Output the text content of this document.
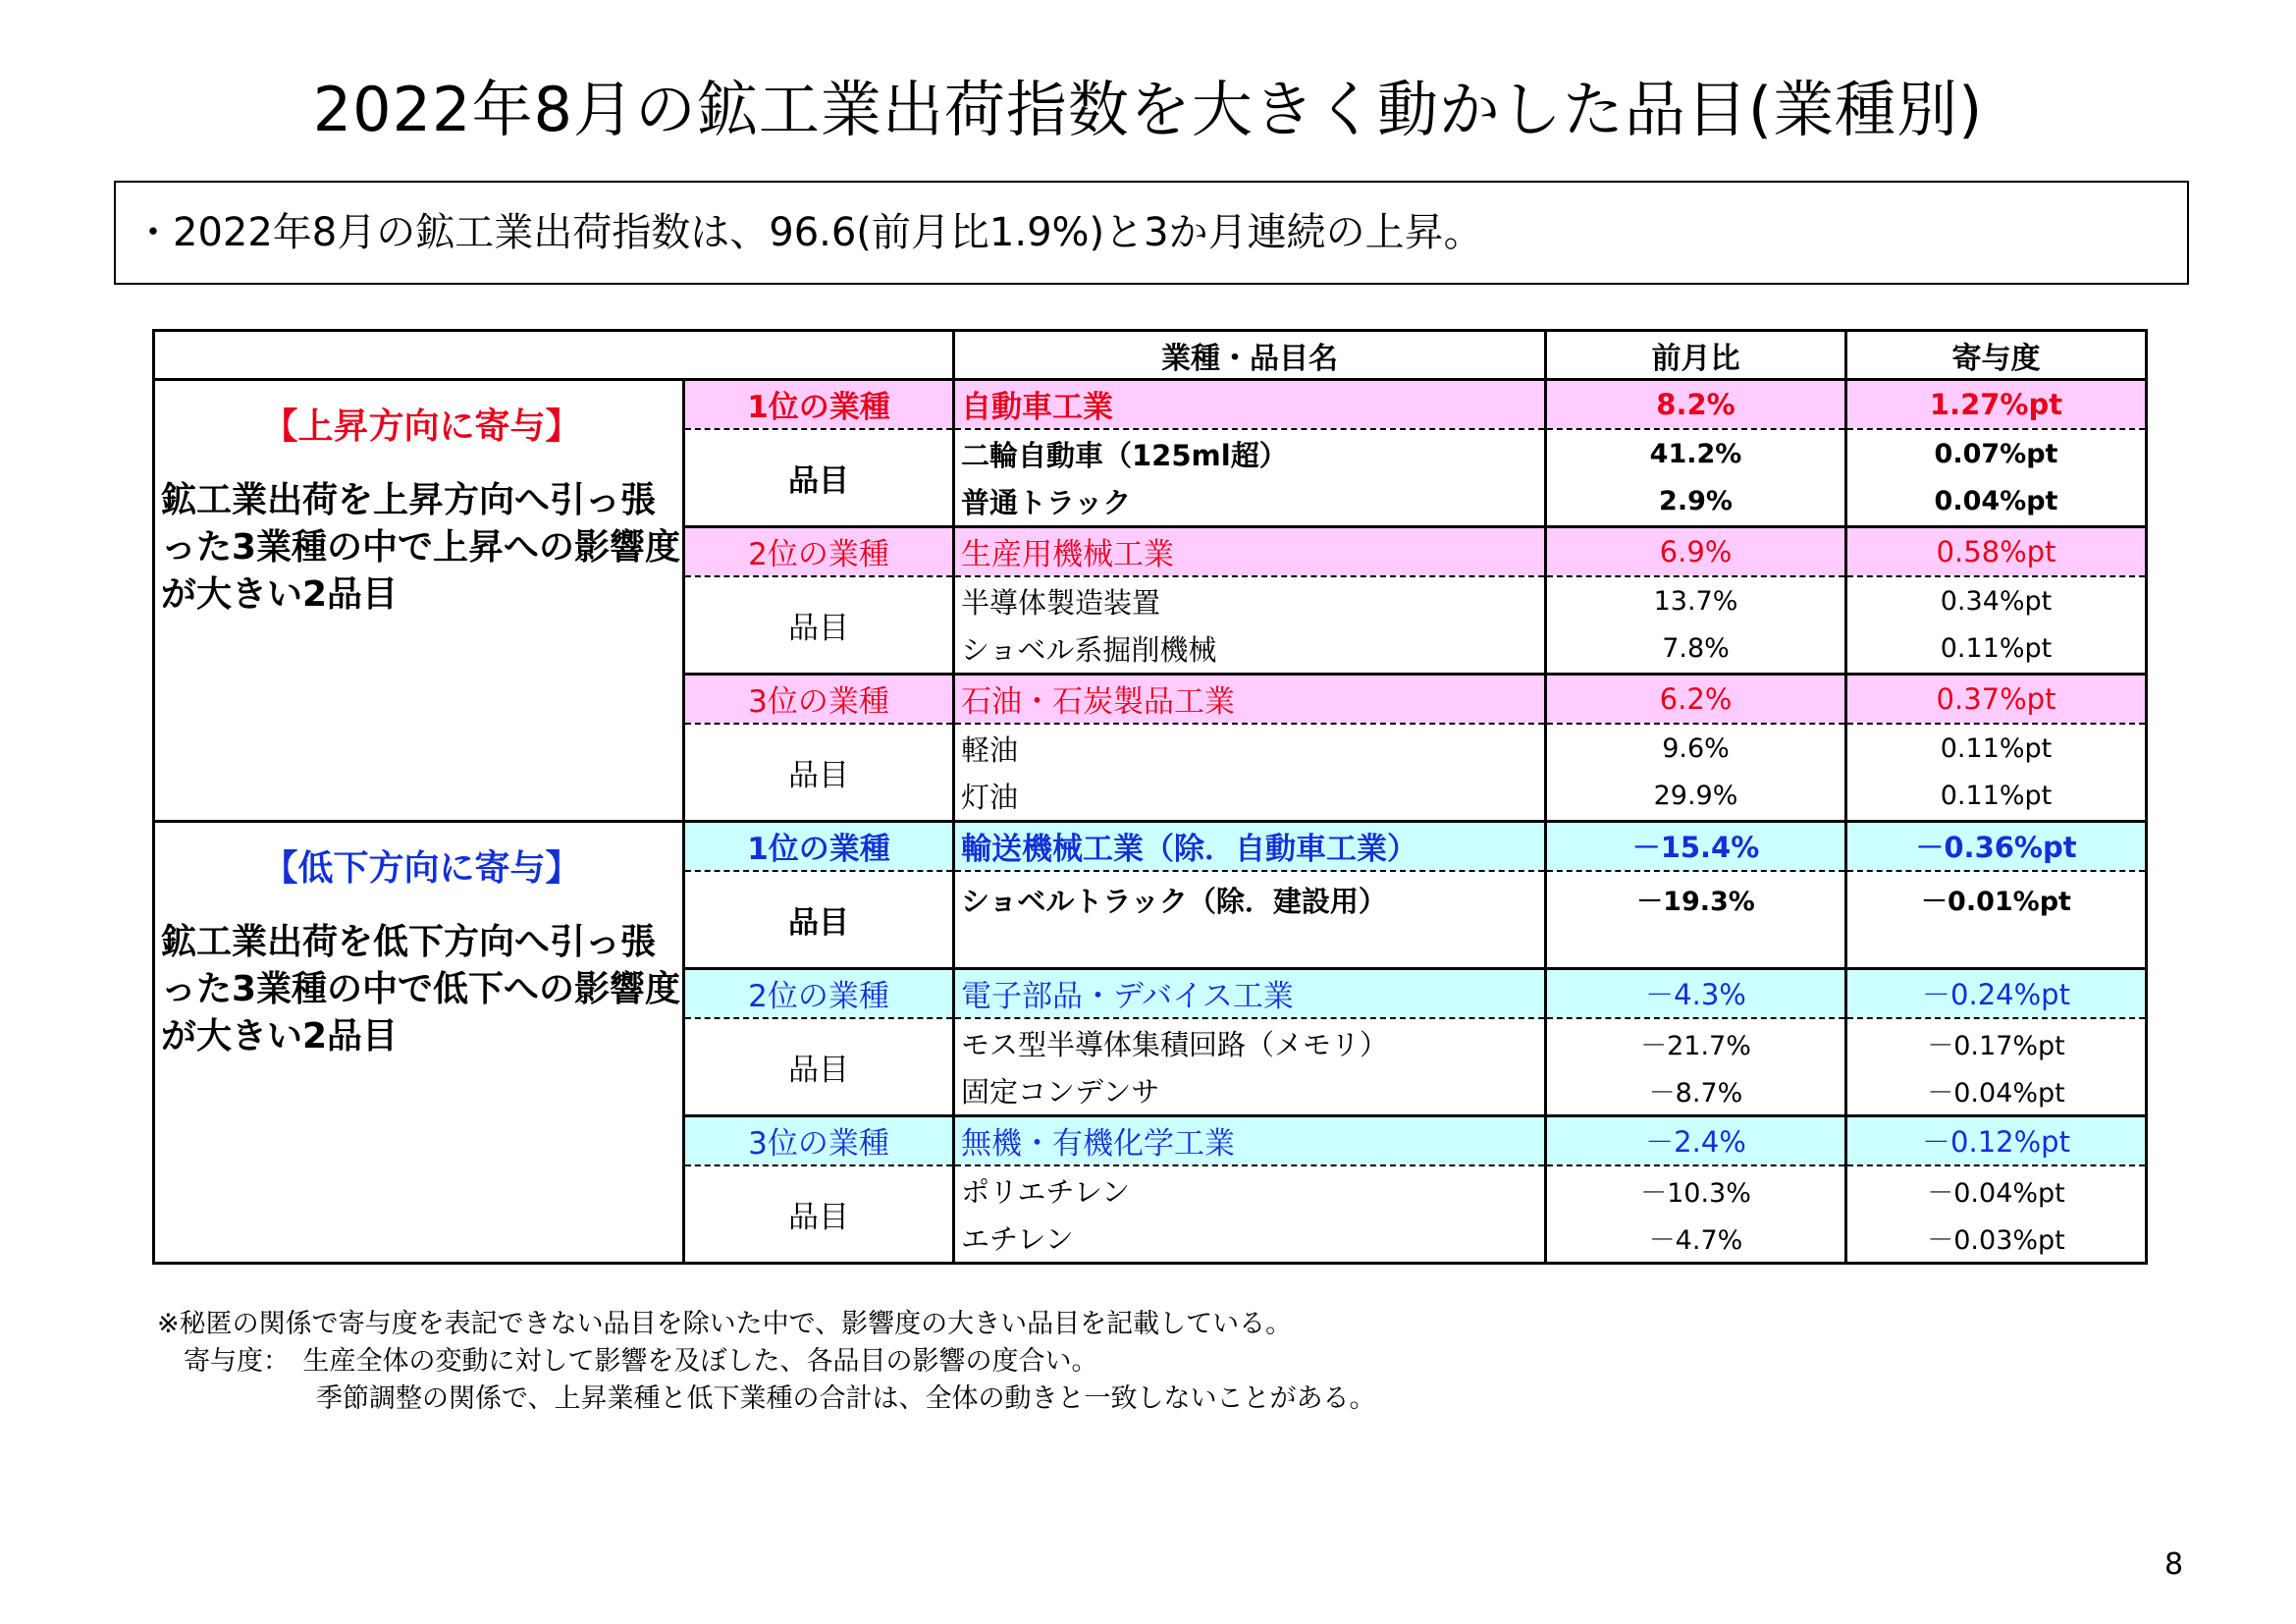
2022年8月の鉱工業出荷指数を大きく動かした品目(業種別)
・2022年8月の鉱工業出荷指数は、96.6(前月比1.9%)と3か月連続の上昇。
		業種・品目名	前月比	寄与度

【上昇方向に寄与】
鉱工業出荷を上昇方向へ引っ張った3業種の中で上昇への影響度が大きい2品目	1位の業種	自動車工業	8.2%	1.27%pt
	品目	二輪自動車（125ml超）	41.2%	0.07%pt
		普通トラック	2.9%	0.04%pt
	2位の業種	生産用機械工業	6.9%	0.58%pt
	品目	半導体製造装置	13.7%	0.34%pt
		ショベル系掘削機械	7.8%	0.11%pt
	3位の業種	石油・石炭製品工業	6.2%	0.37%pt
	品目	軽油	9.6%	0.11%pt
		灯油	29.9%	0.11%pt

【低下方向に寄与】
鉱工業出荷を低下方向へ引っ張った3業種の中で低下への影響度が大きい2品目	1位の業種	輸送機械工業（除．自動車工業）	－15.4%	－0.36%pt
	品目	ショベルトラック（除．建設用）	－19.3%	－0.01%pt
	2位の業種	電子部品・デバイス工業	－4.3%	－0.24%pt
	品目	モス型半導体集積回路（メモリ）	－21.7%	－0.17%pt
		固定コンデンサ	－8.7%	－0.04%pt
	3位の業種	無機・有機化学工業	－2.4%	－0.12%pt
	品目	ポリエチレン	－10.3%	－0.04%pt
		エチレン	－4.7%	－0.03%pt
※秘匿の関係で寄与度を表記できない品目を除いた中で、影響度の大きい品目を記載している。
　寄与度：　生産全体の変動に対して影響を及ぼした、各品目の影響の度合い。
　　　　　　季節調整の関係で、上昇業種と低下業種の合計は、全体の動きと一致しないことがある。
8
